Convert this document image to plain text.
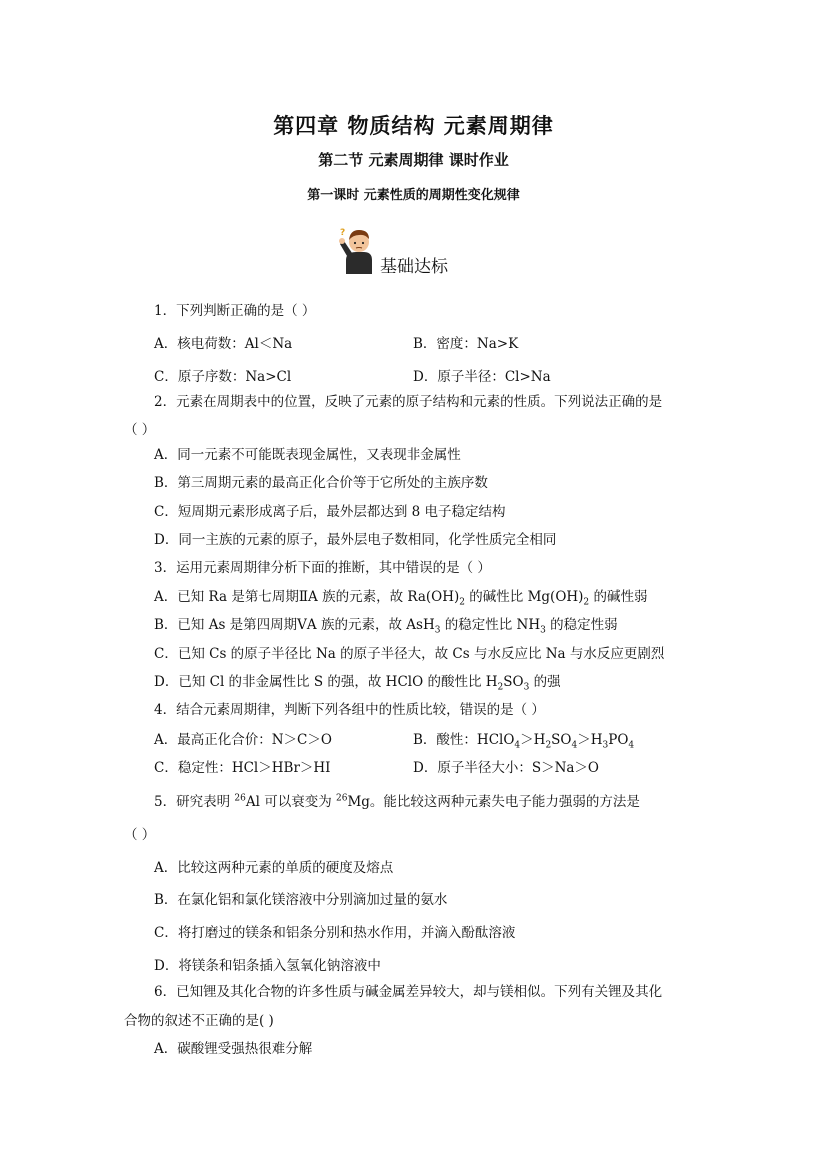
第四章 物质结构 元素周期律
第二节 元素周期律 课时作业
第一课时 元素性质的周期性变化规律
?
基础达标
1．下列判断正确的是（ ）
A．核电荷数：Al＜Na	B．密度：Na>K
C．原子序数：Na>Cl	D．原子半径：Cl>Na
2．元素在周期表中的位置，反映了元素的原子结构和元素的性质。下列说法正确的是
（ ）
A．同一元素不可能既表现金属性，又表现非金属性
B．第三周期元素的最高正化合价等于它所处的主族序数
C．短周期元素形成离子后，最外层都达到 8 电子稳定结构
D．同一主族的元素的原子，最外层电子数相同，化学性质完全相同
3．运用元素周期律分析下面的推断，其中错误的是（ ）
A．已知 Ra 是第七周期ⅡA 族的元素，故 $Ra(OH)_2$ 的碱性比 $Mg(OH)_2$ 的碱性弱
B．已知 As 是第四周期ⅤA 族的元素，故 AsH$_3$ 的稳定性比 $NH_3$ 的稳定性弱
C．已知 Cs 的原子半径比 Na 的原子半径大，故 Cs 与水反应比 Na 与水反应更剧烈
D．已知 Cl 的非金属性比 S 的强，故 HClO 的酸性比 $H_2SO_3$ 的强
4．结合元素周期律，判断下列各组中的性质比较，错误的是（ ）
A．最高正化合价：N＞C＞O	B．酸性：$HClO_4>H_2SO_4>H_3PO_4$
C．稳定性：HCl＞HBr＞HI	D．原子半径大小：S＞Na＞O
5．研究表明 $^{26}$Al 可以衰变为 $^{26}$Mg。能比较这两种元素失电子能力强弱的方法是
（ ）
A．比较这两种元素的单质的硬度及熔点
B．在氯化铝和氯化镁溶液中分别滴加过量的氨水
C．将打磨过的镁条和铝条分别和热水作用，并滴入酚酞溶液
D．将镁条和铝条插入氢氧化钠溶液中
6．已知锂及其化合物的许多性质与碱金属差异较大，却与镁相似。下列有关锂及其化
合物的叙述不正确的是( )
A．碳酸锂受强热很难分解
